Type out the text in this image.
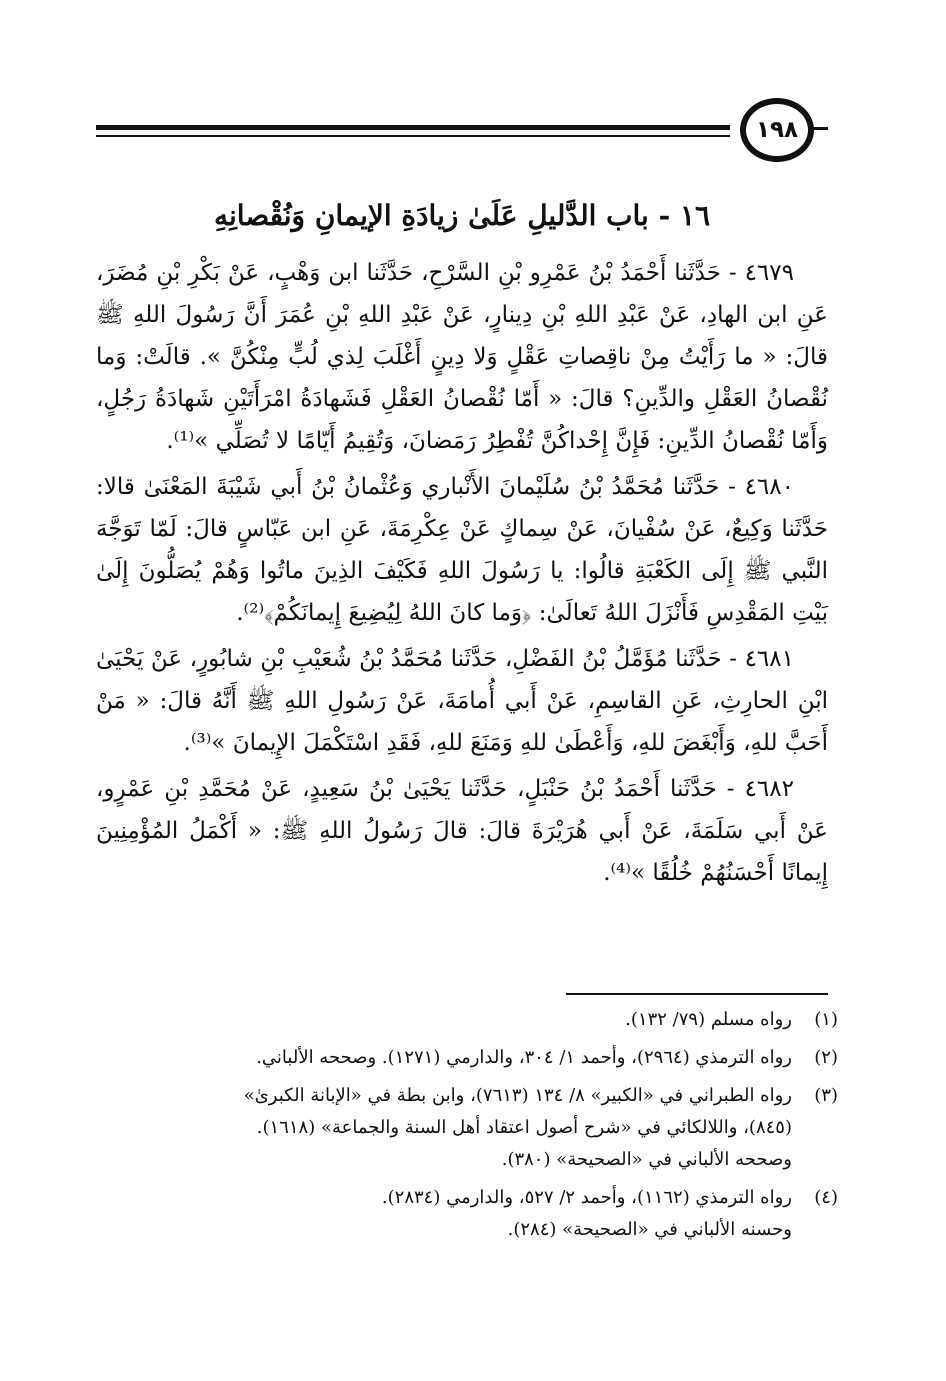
١٩٨
١٦ - باب الدَّليلِ عَلَىٰ زيادَةِ الإيمانِ وَنُقْصانِهِ

٤٦٧٩ - حَدَّثَنا أَحْمَدُ بْنُ عَمْرِو بْنِ السَّرْحِ، حَدَّثَنا ابن وَهْبٍ، عَنْ بَكْرِ بْنِ مُضَرَ، عَنِ ابن الهادِ، عَنْ عَبْدِ اللهِ بْنِ دِينارٍ، عَنْ عَبْدِ اللهِ بْنِ عُمَرَ أَنَّ رَسُولَ اللهِ ﷺ قالَ: « ما رَأَيْتُ مِنْ ناقِصاتِ عَقْلٍ وَلا دِينٍ أَغْلَبَ لِذي لُبٍّ مِنْكُنَّ ». قالَتْ: وَما نُقْصانُ العَقْلِ والدِّينِ؟ قالَ: « أَمّا نُقْصانُ العَقْلِ فَشَهادَةُ امْرَأَتَيْنِ شَهادَةُ رَجُلٍ، وَأَمّا نُقْصانُ الدِّينِ: فَإِنَّ إِحْداكُنَّ تُفْطِرُ رَمَضانَ، وَتُقِيمُ أَيّامًا لا تُصَلِّي »⁽¹⁾.

٤٦٨٠ - حَدَّثَنا مُحَمَّدُ بْنُ سُلَيْمانَ الأَنْباري وَعُثْمانُ بْنُ أَبي شَيْبَةَ المَعْنَىٰ قالا: حَدَّثَنا وَكِيعٌ، عَنْ سُفْيانَ، عَنْ سِماكٍ عَنْ عِكْرِمَةَ، عَنِ ابن عَبّاسٍ قالَ: لَمّا تَوَجَّهَ النَّبي ﷺ إِلَى الكَعْبَةِ قالُوا: يا رَسُولَ اللهِ فَكَيْفَ الذِينَ ماتُوا وَهُمْ يُصَلُّونَ إِلَىٰ بَيْتِ المَقْدِسِ فَأَنْزَلَ اللهُ تَعالَىٰ: ﴿وَما كانَ اللهُ لِيُضِيعَ إِيمانَكُمْ﴾⁽²⁾.

٤٦٨١ - حَدَّثَنا مُؤَمَّلُ بْنُ الفَضْلِ، حَدَّثَنا مُحَمَّدُ بْنُ شُعَيْبِ بْنِ شابُورٍ، عَنْ يَحْيَىٰ ابْنِ الحارِثِ، عَنِ القاسِمِ، عَنْ أَبي أُمامَةَ، عَنْ رَسُولِ اللهِ ﷺ أَنَّهُ قالَ: « مَنْ أَحَبَّ للهِ، وَأَبْغَضَ للهِ، وَأَعْطَىٰ للهِ وَمَنَعَ للهِ، فَقَدِ اسْتَكْمَلَ الإِيمانَ »⁽³⁾.

٤٦٨٢ - حَدَّثَنا أَحْمَدُ بْنُ حَنْبَلٍ، حَدَّثَنا يَحْيَىٰ بْنُ سَعِيدٍ، عَنْ مُحَمَّدِ بْنِ عَمْرٍو، عَنْ أَبي سَلَمَةَ، عَنْ أَبي هُرَيْرَةَ قالَ: قالَ رَسُولُ اللهِ ﷺ: « أَكْمَلُ المُؤْمِنِينَ إِيمانًا أَحْسَنُهُمْ خُلُقًا »⁽⁴⁾.

(١)
رواه مسلم (٧٩/ ١٣٢).
(٢)
رواه الترمذي (٢٩٦٤)، وأحمد ١/ ٣٠٤، والدارمي (١٢٧١). وصححه الألباني.
(٣)
رواه الطبراني في «الكبير» ٨/ ١٣٤ (٧٦١٣)، وابن بطة في «الإبانة الكبرىٰ»
(٨٤٥)، واللالكائي في «شرح أصول اعتقاد أهل السنة والجماعة» (١٦١٨).
وصححه الألباني في «الصحيحة» (٣٨٠).
(٤)
رواه الترمذي (١١٦٢)، وأحمد ٢/ ٥٢٧، والدارمي (٢٨٣٤).
وحسنه الألباني في «الصحيحة» (٢٨٤).
